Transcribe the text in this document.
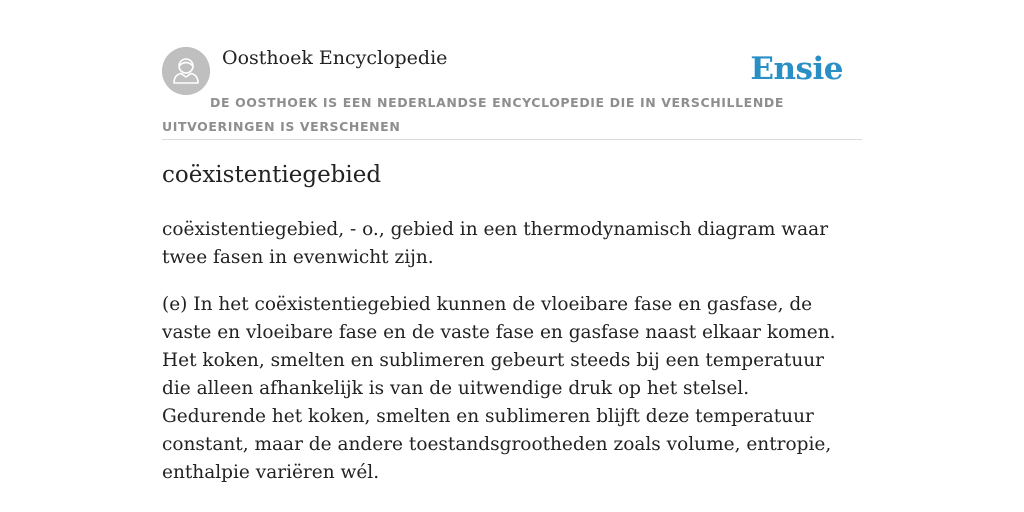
Oosthoek Encyclopedie	Ensie
DE OOSTHOEK IS EEN NEDERLANDSE ENCYCLOPEDIE DIE IN VERSCHILLENDE UITVOERINGEN IS VERSCHENEN
coëxistentiegebied

coëxistentiegebied, - o., gebied in een thermodynamisch diagram waar twee fasen in evenwicht zijn.

(e) In het coëxistentiegebied kunnen de vloeibare fase en gasfase, de vaste en vloeibare fase en de vaste fase en gasfase naast elkaar komen. Het koken, smelten en sublimeren gebeurt steeds bij een temperatuur die alleen afhankelijk is van de uitwendige druk op het stelsel. Gedurende het koken, smelten en sublimeren blijft deze temperatuur constant, maar de andere toestandsgrootheden zoals volume, entropie, enthalpie variëren wél.
